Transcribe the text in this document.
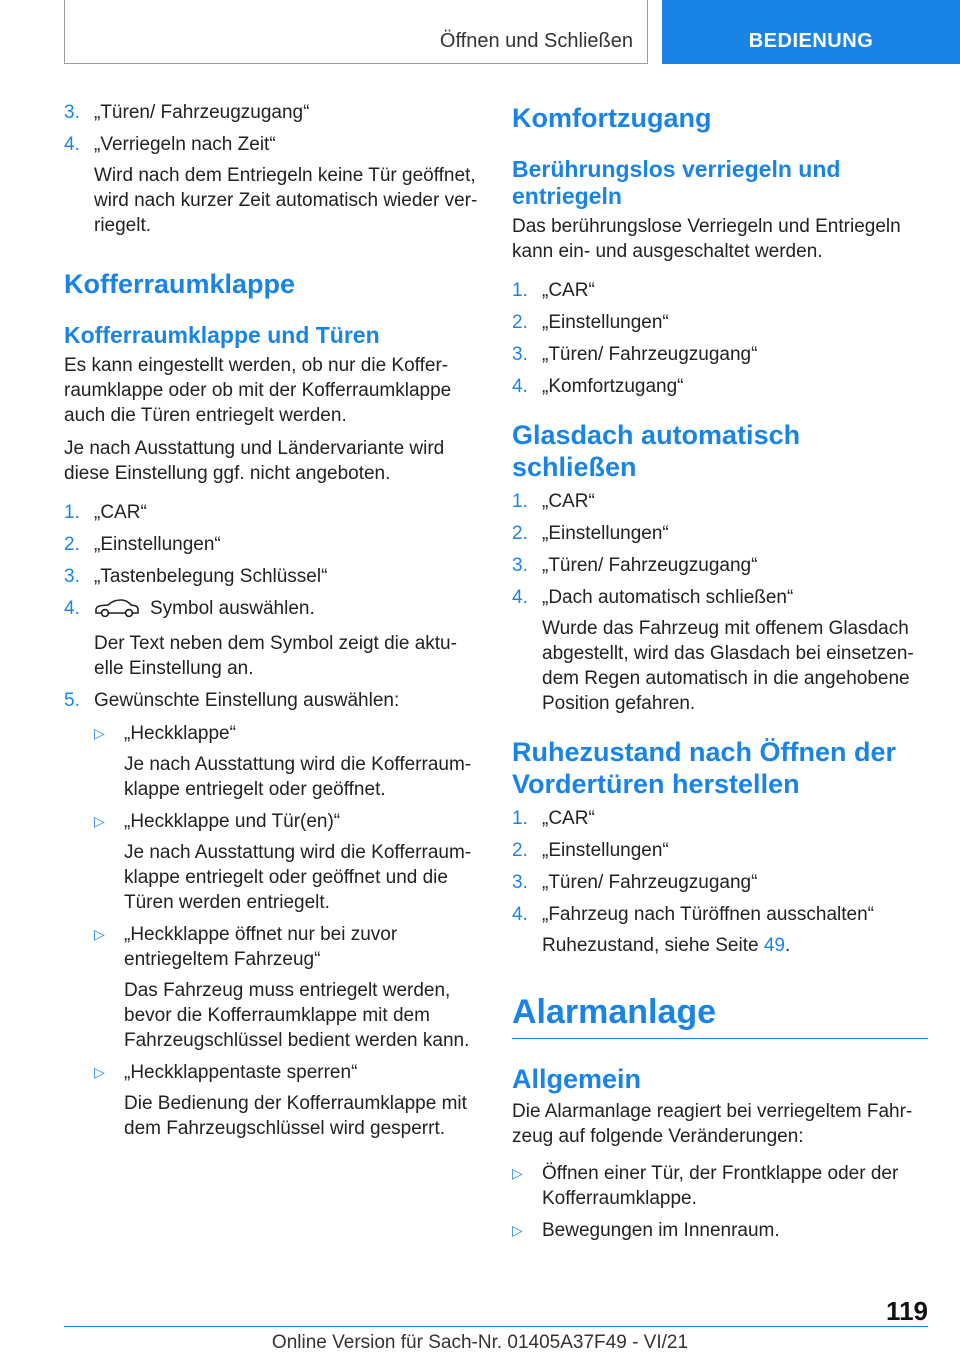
Öffnen und Schließen	BEDIENUNG
3. „Türen/ Fahrzeugzugang“
4. „Verriegeln nach Zeit“

Wird nach dem Entriegeln keine Tür geöffnet, wird nach kurzer Zeit automatisch wieder ver‐riegelt.

Kofferraumklappe
Kofferraumklappe und Türen

Es kann eingestellt werden, ob nur die Koffer‐raumklappe oder ob mit der Kofferraumklappe auch die Türen entriegelt werden.

Je nach Ausstattung und Ländervariante wird diese Einstellung ggf. nicht angeboten.

1. „CAR“
2. „Einstellungen“
3. „Tastenbelegung Schlüssel“
4.	Symbol auswählen.

Der Text neben dem Symbol zeigt die aktu‐elle Einstellung an.

5. Gewünschte Einstellung auswählen:
▷ „Heckklappe“

Je nach Ausstattung wird die Kofferraum‐klappe entriegelt oder geöffnet.

▷ „Heckklappe und Tür(en)“

Je nach Ausstattung wird die Kofferraum‐klappe entriegelt oder geöffnet und die Türen werden entriegelt.

▷ „Heckklappe öffnet nur bei zuvor entriegeltem Fahrzeug“

Das Fahrzeug muss entriegelt werden, bevor die Kofferraumklappe mit dem Fahrzeugschlüssel bedient werden kann.

▷ „Heckklappentaste sperren“

Die Bedienung der Kofferraumklappe mit dem Fahrzeugschlüssel wird gesperrt.

Komfortzugang
Berührungslos verriegeln und entriegeln

Das berührungslose Verriegeln und Entriegeln kann ein- und ausgeschaltet werden.

1. „CAR“
2. „Einstellungen“
3. „Türen/ Fahrzeugzugang“
4. „Komfortzugang“
Glasdach automatisch schließen
1. „CAR“
2. „Einstellungen“
3. „Türen/ Fahrzeugzugang“
4. „Dach automatisch schließen“

Wurde das Fahrzeug mit offenem Glasdach abgestellt, wird das Glasdach bei einsetzen‐dem Regen automatisch in die angehobene Position gefahren.

Ruhezustand nach Öffnen der Vordertüren herstellen
1. „CAR“
2. „Einstellungen“
3. „Türen/ Fahrzeugzugang“
4. „Fahrzeug nach Türöffnen ausschalten“

Ruhezustand, siehe Seite 49.

Alarmanlage
Allgemein

Die Alarmanlage reagiert bei verriegeltem Fahr‐zeug auf folgende Veränderungen:

▷ Öffnen einer Tür, der Frontklappe oder der Kofferraumklappe.
▷ Bewegungen im Innenraum.
119
Online Version für Sach-Nr. 01405A37F49 - VI/21
